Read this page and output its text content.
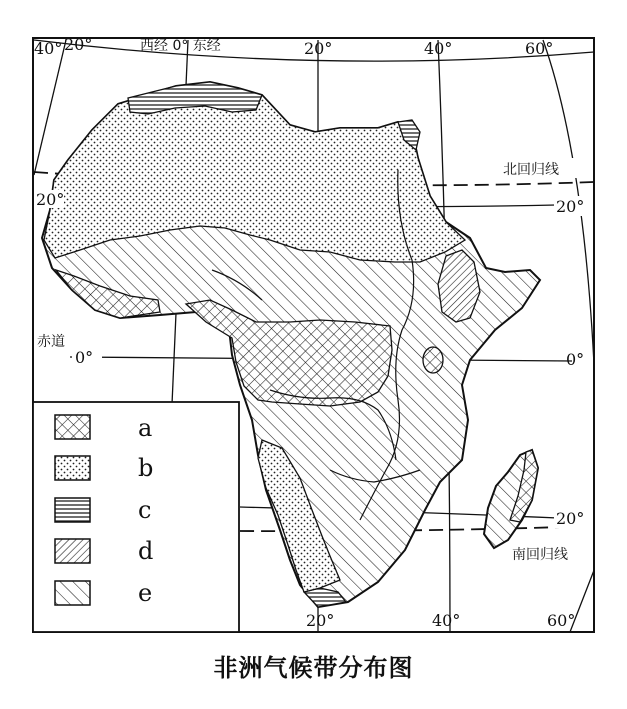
40° 20°	西经 0° 东经	20°	40°	60°
北回归线
20°	20°
赤道
0°	0°
20°
南回归线
20°	40°	60°
a
b
c
d
e
非洲气候带分布图
